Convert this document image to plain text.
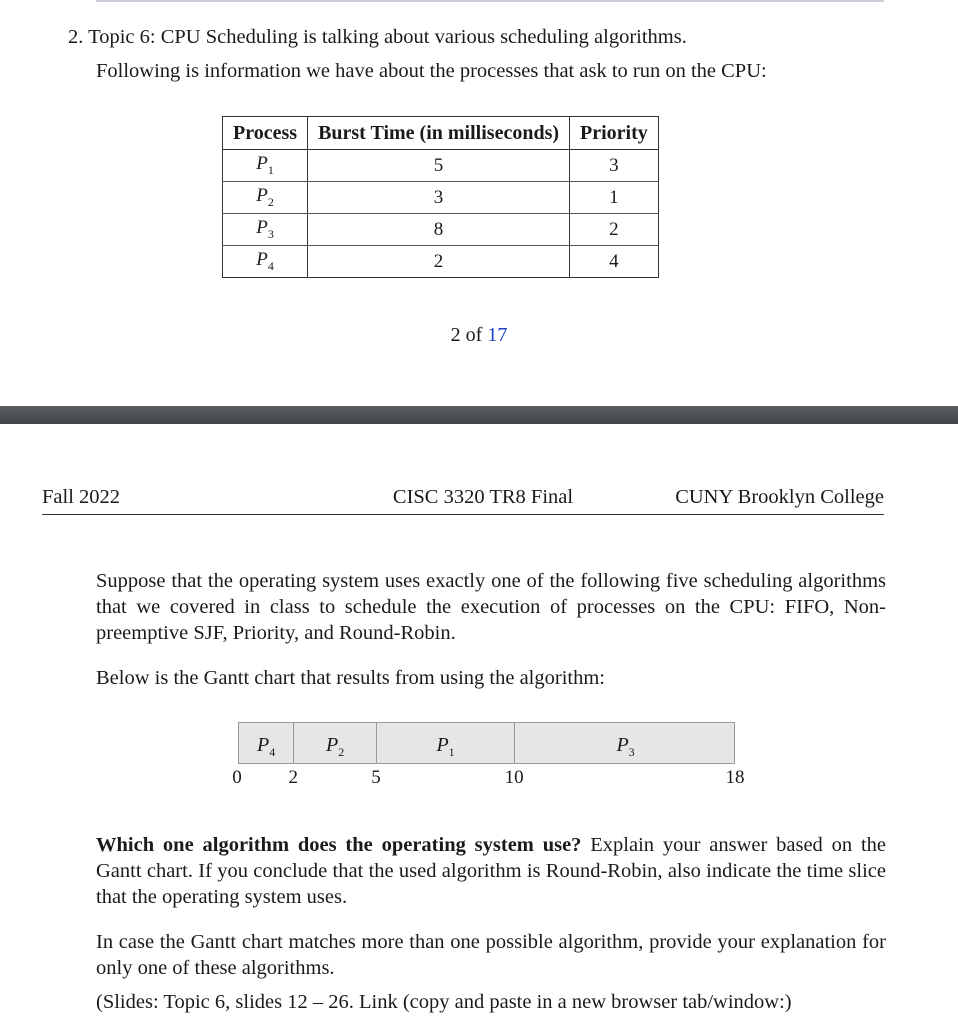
2. Topic 6: CPU Scheduling is talking about various scheduling algorithms.
Following is information we have about the processes that ask to run on the CPU:
Process	Burst Time (in milliseconds)	Priority
$P_1$	5	3
$P_2$	3	1
$P_3$	8	2
$P_4$	2	4
2 of 17
Fall 2022	CISC 3320 TR8 Final	CUNY Brooklyn College
Suppose that the operating system uses exactly one of the following five scheduling algorithms that we covered in class to schedule the execution of processes on the CPU: FIFO, Non-preemptive SJF, Priority, and Round-Robin.
Below is the Gantt chart that results from using the algorithm:
$P_4$	$P_2$	$P_1$	$P_3$
0 2	5	10	18
Which one algorithm does the operating system use? Explain your answer based on the Gantt chart. If you conclude that the used algorithm is Round-Robin, also indicate the time slice that the operating system uses.
In case the Gantt chart matches more than one possible algorithm, provide your explanation for only one of these algorithms.
(Slides: Topic 6, slides 12 – 26. Link (copy and paste in a new browser tab/window:)
